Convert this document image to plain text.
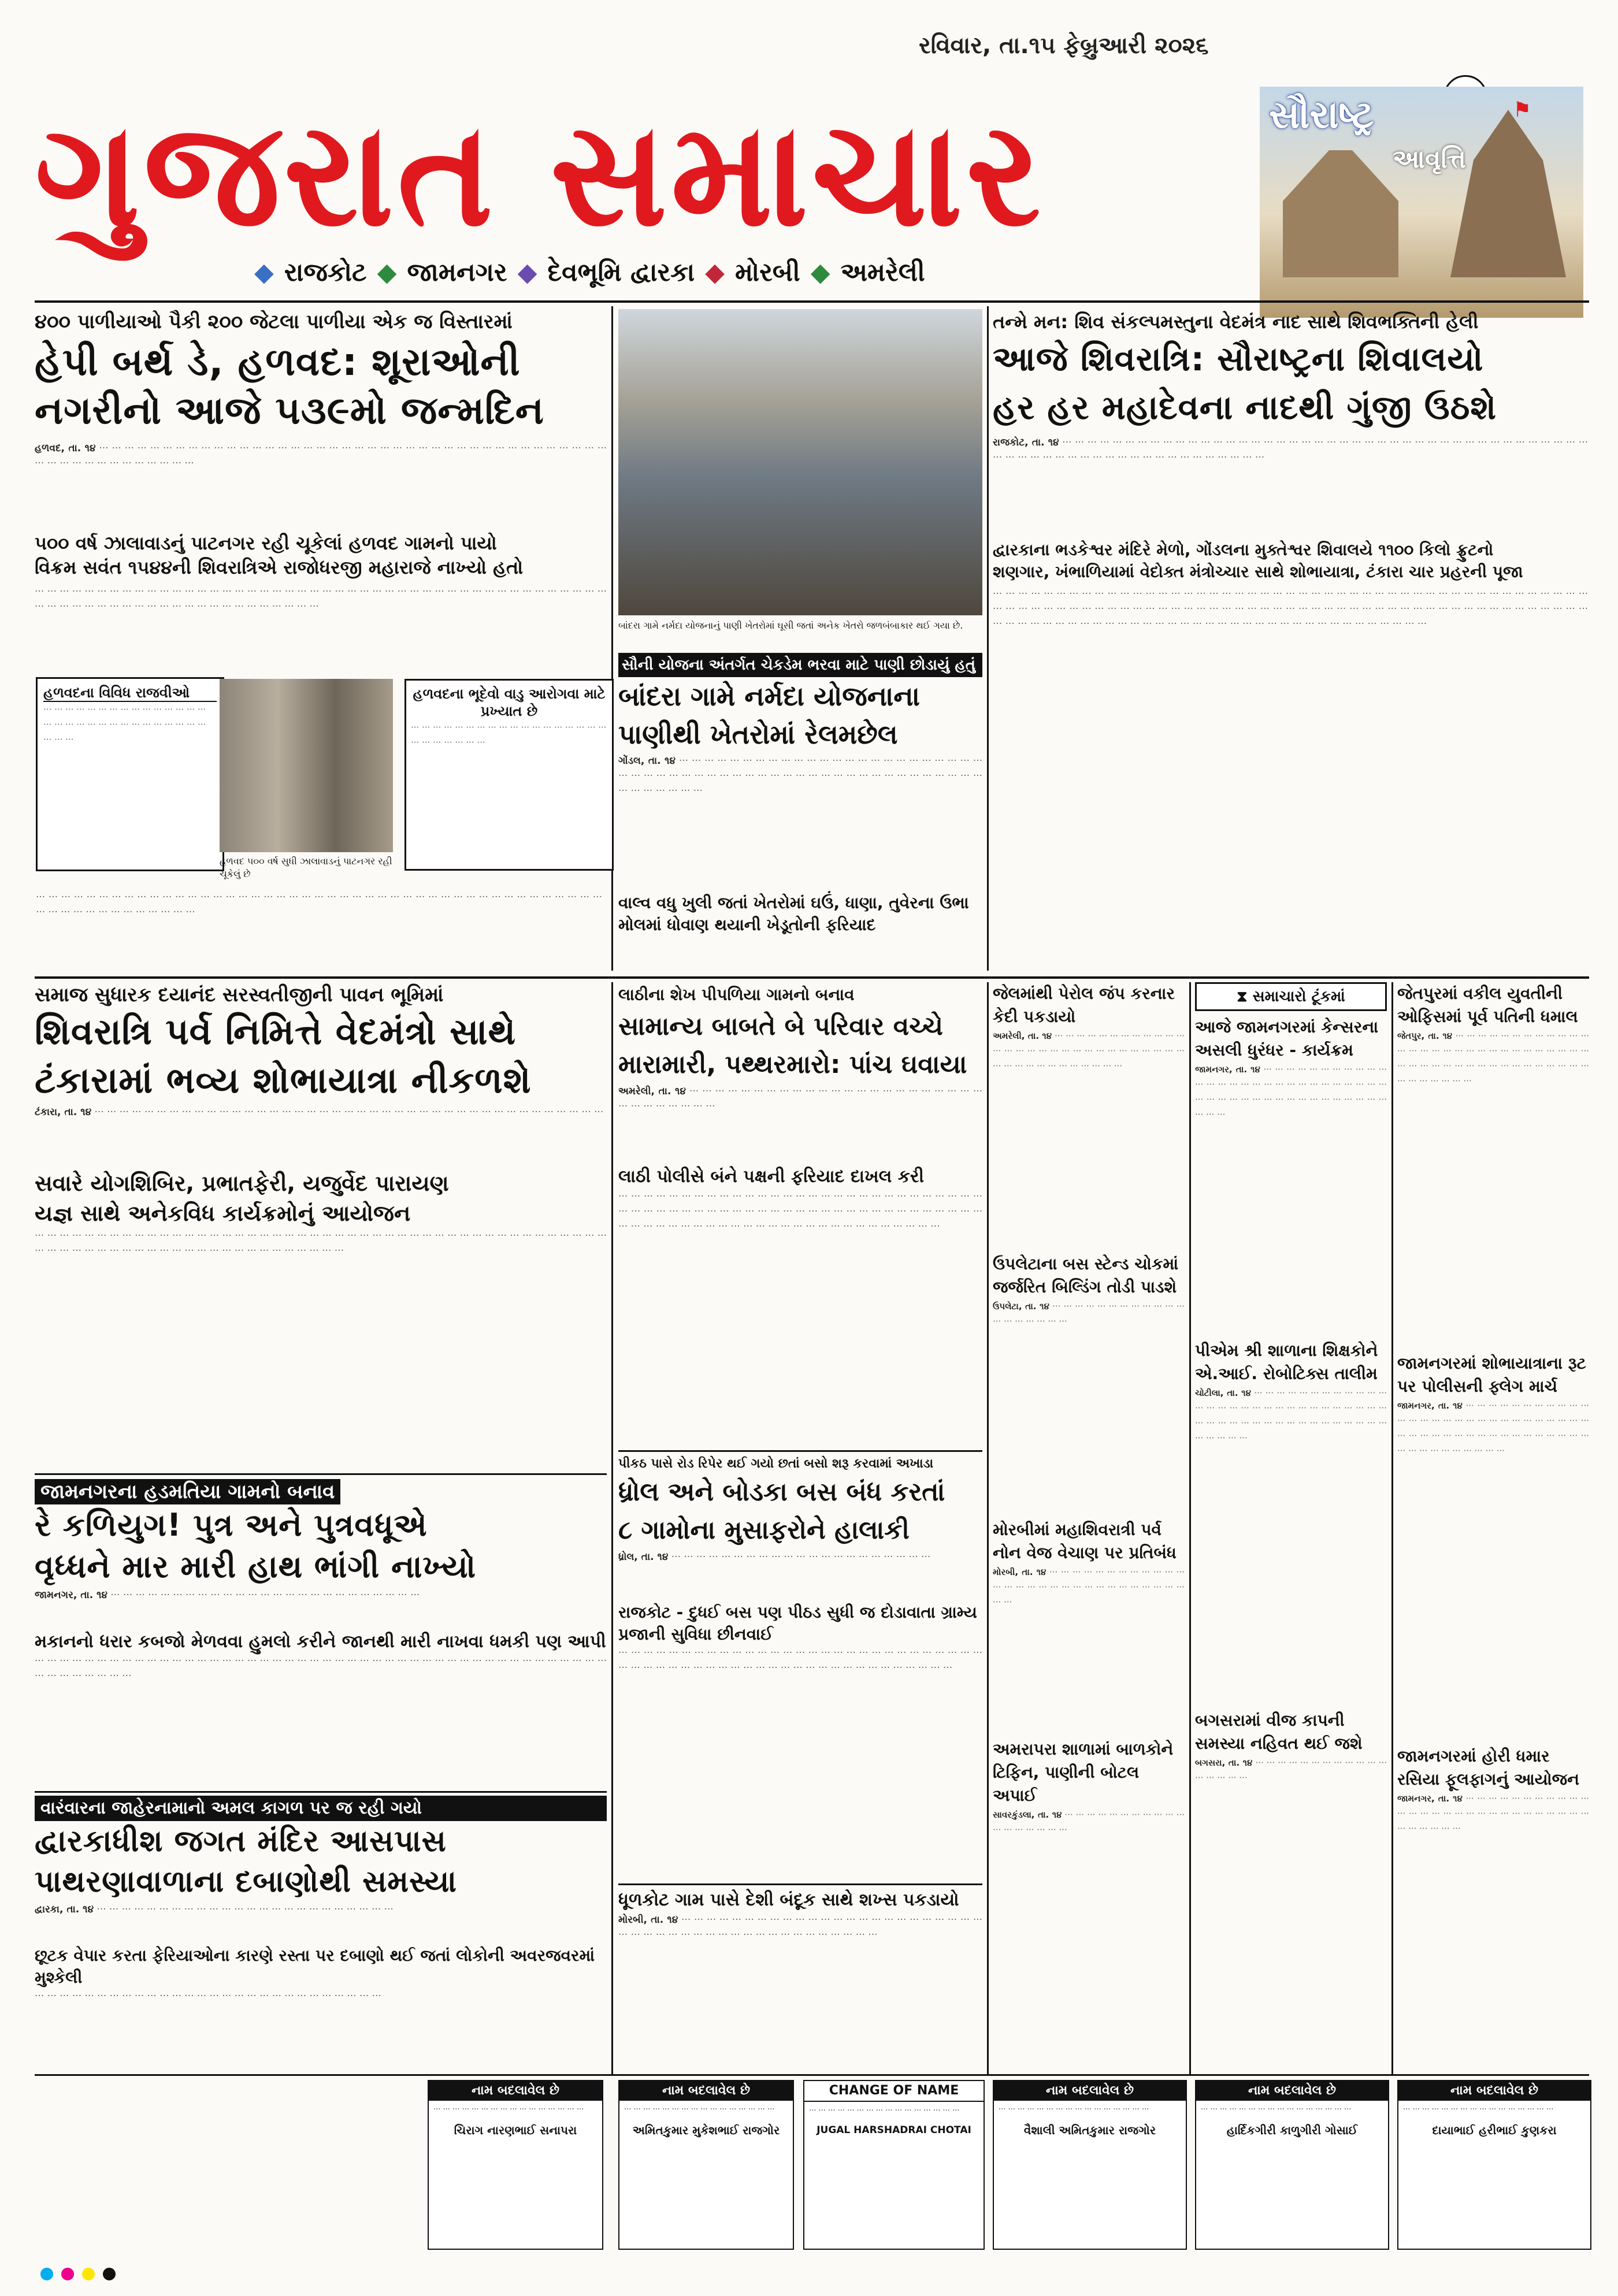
રવિવાર, તા.૧૫ ફેબ્રુઆરી ૨૦૨૬
ગુજરાત સમાચાર	⚑
સૌરાષ્ટ્ર
આવૃત્તિ
◆ રાજકોટ ◆ જામનગર ◆ દેવભૂમિ દ્વારકા ◆ મોરબી ◆ અમરેલી
૪૦૦ પાળીયાઓ પૈકી ૨૦૦ જેટલા પાળીયા એક જ વિસ્તારમાં
હેપી બર્થ ડે, હળવદ: શૂરાઓની
નગરીનો આજે ૫૩૯મો જન્મદિન
હળવદ, તા. ૧૪ ··· ··· ··· ··· ··· ··· ··· ··· ··· ··· ··· ··· ··· ··· ··· ··· ··· ··· ··· ··· ··· ··· ··· ··· ··· ··· ··· ··· ··· ··· ··· ··· ··· ··· ··· ··· ··· ··· ··· ··· ··· ··· ··· ··· ··· ··· ··· ··· ··· ··· ··· ··· ···
૫૦૦ વર્ષ ઝાલાવાડનું પાટનગર રહી ચૂકેલાં હળવદ ગામનો પાયો
વિક્રમ સવંત ૧૫૪૪ની શિવરાત્રિએ રાજોધરજી મહારાજે નાખ્યો હતો
··· ··· ··· ··· ··· ··· ··· ··· ··· ··· ··· ··· ··· ··· ··· ··· ··· ··· ··· ··· ··· ··· ··· ··· ··· ··· ··· ··· ··· ··· ··· ··· ··· ··· ··· ··· ··· ··· ··· ··· ··· ··· ··· ··· ··· ··· ··· ··· ··· ··· ··· ··· ··· ··· ··· ··· ··· ··· ··· ··· ··· ··· ··· ··· ··· ··· ··· ··· ···
હળવદના વિવિધ રાજવીઓ
··· ··· ··· ··· ··· ··· ··· ··· ··· ··· ··· ··· ··· ··· ··· ··· ··· ··· ··· ··· ··· ··· ··· ··· ··· ··· ··· ··· ··· ··· ··· ··· ···
હળવદ ૫૦૦ વર્ષ સુધી ઝાલાવાડનું પાટનગર રહી ચૂકેલું છે
હળવદના ભૂદેવો વાડુ આરોગવા માટે પ્રખ્યાત છે
··· ··· ··· ··· ··· ··· ··· ··· ··· ··· ··· ··· ··· ··· ··· ··· ··· ··· ··· ··· ··· ··· ··· ··· ···
··· ··· ··· ··· ··· ··· ··· ··· ··· ··· ··· ··· ··· ··· ··· ··· ··· ··· ··· ··· ··· ··· ··· ··· ··· ··· ··· ··· ··· ··· ··· ··· ··· ··· ··· ··· ··· ··· ··· ··· ··· ··· ··· ··· ··· ··· ··· ··· ··· ··· ··· ··· ··· ··· ··· ··· ··· ···
બાંદરા ગામે નર્મદા યોજનાનું પાણી ખેતરોમાં ઘૂસી જતાં અનેક ખેતરો જળબંબાકાર થઈ ગયા છે.
સૌની યોજના અંતર્ગત ચેકડેમ ભરવા માટે પાણી છોડાયું હતું
બાંદરા ગામે નર્મદા યોજનાના
પાણીથી ખેતરોમાં રેલમછેલ
ગોંડલ, તા. ૧૪ ··· ··· ··· ··· ··· ··· ··· ··· ··· ··· ··· ··· ··· ··· ··· ··· ··· ··· ··· ··· ··· ··· ··· ··· ··· ··· ··· ··· ··· ··· ··· ··· ··· ··· ··· ··· ··· ··· ··· ··· ··· ··· ··· ··· ··· ··· ··· ··· ··· ··· ··· ··· ··· ··· ··· ··· ··· ··· ··· ···
વાલ્વ વધુ ખુલી જતાં ખેતરોમાં ઘઉં, ધાણા, તુવેરના ઉભા મોલમાં ધોવાણ થયાની ખેડૂતોની ફરિયાદ
તન્મે મન: શિવ સંકલ્પમસ્તુના વેદમંત્ર નાદ સાથે શિવભક્તિની હેલી
આજે શિવરાત્રિ: સૌરાષ્ટ્રના શિવાલયો
હર હર મહાદેવના નાદથી ગુંજી ઉઠશે
રાજકોટ, તા. ૧૪ ··· ··· ··· ··· ··· ··· ··· ··· ··· ··· ··· ··· ··· ··· ··· ··· ··· ··· ··· ··· ··· ··· ··· ··· ··· ··· ··· ··· ··· ··· ··· ··· ··· ··· ··· ··· ··· ··· ··· ··· ··· ··· ··· ··· ··· ··· ··· ··· ··· ··· ··· ··· ··· ··· ··· ··· ··· ··· ··· ··· ··· ··· ··· ···
દ્વારકાના ભડકેશ્વર મંદિરે મેળો, ગોંડલના મુક્તેશ્વર શિવાલયે ૧૧૦૦ કિલો ફ્રુટનો
શણગાર, ખંભાળિયામાં વેદોક્ત મંત્રોચ્ચાર સાથે શોભાયાત્રા, ટંકારા ચાર પ્રહરની પૂજા
··· ··· ··· ··· ··· ··· ··· ··· ··· ··· ··· ··· ··· ··· ··· ··· ··· ··· ··· ··· ··· ··· ··· ··· ··· ··· ··· ··· ··· ··· ··· ··· ··· ··· ··· ··· ··· ··· ··· ··· ··· ··· ··· ··· ··· ··· ··· ··· ··· ··· ··· ··· ··· ··· ··· ··· ··· ··· ··· ··· ··· ··· ··· ··· ··· ··· ··· ··· ··· ··· ··· ··· ··· ··· ··· ··· ··· ··· ··· ··· ··· ··· ··· ··· ··· ··· ··· ··· ··· ··· ··· ··· ··· ··· ··· ··· ··· ··· ··· ··· ··· ··· ··· ··· ··· ··· ··· ··· ··· ··· ··· ··· ··· ··· ··· ··· ··· ··· ··· ··· ··· ··· ··· ··· ··· ··· ··· ··· ···
સમાજ સુધારક દયાનંદ સરસ્વતીજીની પાવન ભૂમિમાં
શિવરાત્રિ પર્વ નિમિત્તે વેદમંત્રો સાથે
ટંકારામાં ભવ્ય શોભાયાત્રા નીકળશે
ટંકારા, તા. ૧૪ ··· ··· ··· ··· ··· ··· ··· ··· ··· ··· ··· ··· ··· ··· ··· ··· ··· ··· ··· ··· ··· ··· ··· ··· ··· ··· ··· ··· ··· ··· ··· ··· ··· ··· ··· ··· ··· ··· ··· ··· ···
સવારે યોગશિબિર, પ્રભાતફેરી, યજુર્વેદ પારાયણ
યજ્ઞ સાથે અનેકવિધ કાર્યક્રમોનું આયોજન
··· ··· ··· ··· ··· ··· ··· ··· ··· ··· ··· ··· ··· ··· ··· ··· ··· ··· ··· ··· ··· ··· ··· ··· ··· ··· ··· ··· ··· ··· ··· ··· ··· ··· ··· ··· ··· ··· ··· ··· ··· ··· ··· ··· ··· ··· ··· ··· ··· ··· ··· ··· ··· ··· ··· ··· ··· ··· ··· ··· ··· ··· ··· ··· ··· ··· ··· ··· ··· ··· ···
જામનગરના હડમતિયા ગામનો બનાવ
રે કળિયુગ! પુત્ર અને પુત્રવધૂએ
વૃધ્ધને માર મારી હાથ ભાંગી નાખ્યો
જામનગર, તા. ૧૪ ··· ··· ··· ··· ··· ··· ··· ··· ··· ··· ··· ··· ··· ··· ··· ··· ··· ··· ··· ··· ··· ··· ··· ··· ···
મકાનનો ધરાર કબજો મેળવવા હુમલો કરીને જાનથી મારી નાખવા ધમકી પણ આપી
··· ··· ··· ··· ··· ··· ··· ··· ··· ··· ··· ··· ··· ··· ··· ··· ··· ··· ··· ··· ··· ··· ··· ··· ··· ··· ··· ··· ··· ··· ··· ··· ··· ··· ··· ··· ··· ··· ··· ··· ··· ··· ··· ··· ··· ··· ··· ··· ··· ··· ··· ··· ··· ···
વારંવારના જાહેરનામાનો અમલ કાગળ પર જ રહી ગયો
દ્વારકાધીશ જગત મંદિર આસપાસ
પાથરણાવાળાના દબાણોથી સમસ્યા
દ્વારકા, તા. ૧૪ ··· ··· ··· ··· ··· ··· ··· ··· ··· ··· ··· ··· ··· ··· ··· ··· ··· ··· ··· ··· ··· ··· ··· ···
છૂટક વેપાર કરતા ફેરિયાઓના કારણે રસ્તા પર દબાણો થઈ જતાં લોકોની અવરજવરમાં મુશ્કેલી
··· ··· ··· ··· ··· ··· ··· ··· ··· ··· ··· ··· ··· ··· ··· ··· ··· ··· ··· ··· ··· ··· ··· ··· ··· ··· ··· ···
લાઠીના શેખ પીપળિયા ગામનો બનાવ
સામાન્ય બાબતે બે પરિવાર વચ્ચે
મારામારી, પથ્થરમારો: પાંચ ઘવાયા
અમરેલી, તા. ૧૪ ··· ··· ··· ··· ··· ··· ··· ··· ··· ··· ··· ··· ··· ··· ··· ··· ··· ··· ··· ··· ··· ··· ··· ··· ··· ··· ··· ··· ··· ··· ···
લાઠી પોલીસે બંને પક્ષની ફરિયાદ દાખલ કરી
··· ··· ··· ··· ··· ··· ··· ··· ··· ··· ··· ··· ··· ··· ··· ··· ··· ··· ··· ··· ··· ··· ··· ··· ··· ··· ··· ··· ··· ··· ··· ··· ··· ··· ··· ··· ··· ··· ··· ··· ··· ··· ··· ··· ··· ··· ··· ··· ··· ··· ··· ··· ··· ··· ··· ··· ··· ··· ··· ··· ··· ··· ··· ··· ··· ··· ··· ··· ··· ··· ··· ··· ··· ··· ··· ··· ··· ··· ··· ··· ··· ··· ··· ···
પીકઠ પાસે રોડ રિપેર થઈ ગયો છતાં બસો શરૂ કરવામાં અખાડા
ધ્રોલ અને બોડકા બસ બંધ કરતાં
૮ ગામોના મુસાફરોને હાલાકી
ધ્રોલ, તા. ૧૪ ··· ··· ··· ··· ··· ··· ··· ··· ··· ··· ··· ··· ··· ··· ··· ··· ··· ··· ··· ··· ···
રાજકોટ - દુધઈ બસ પણ પીઠડ સુધી જ દોડાવાતા ગ્રામ્ય પ્રજાની સુવિધા છીનવાઈ
··· ··· ··· ··· ··· ··· ··· ··· ··· ··· ··· ··· ··· ··· ··· ··· ··· ··· ··· ··· ··· ··· ··· ··· ··· ··· ··· ··· ··· ··· ··· ··· ··· ··· ··· ··· ··· ··· ··· ··· ··· ··· ··· ··· ··· ··· ··· ··· ··· ··· ··· ··· ··· ··· ··· ···
ધૂળકોટ ગામ પાસે દેશી બંદૂક સાથે શખ્સ પકડાયો
મોરબી, તા. ૧૪ ··· ··· ··· ··· ··· ··· ··· ··· ··· ··· ··· ··· ··· ··· ··· ··· ··· ··· ··· ··· ··· ··· ··· ··· ··· ··· ··· ··· ··· ··· ··· ··· ··· ··· ··· ··· ··· ··· ··· ··· ··· ··· ··· ··· ···
જેલમાંથી પેરોલ જંપ કરનાર કેદી પકડાયો
અમરેલી, તા. ૧૪ ··· ··· ··· ··· ··· ··· ··· ··· ··· ··· ··· ··· ··· ··· ··· ··· ··· ··· ··· ··· ··· ··· ··· ··· ··· ··· ··· ··· ··· ··· ··· ··· ··· ··· ··· ··· ··· ··· ··· ··· ···
ઉપલેટાના બસ સ્ટેન્ડ ચોકમાં જર્જરિત બિલ્ડિંગ તોડી પાડશે
ઉપલેટા, તા. ૧૪ ··· ··· ··· ··· ··· ··· ··· ··· ··· ··· ··· ··· ··· ··· ··· ··· ··· ··· ···
મોરબીમાં મહાશિવરાત્રી પર્વ નોન વેજ વેચાણ પર પ્રતિબંધ
મોરબી, તા. ૧૪ ··· ··· ··· ··· ··· ··· ··· ··· ··· ··· ··· ··· ··· ··· ··· ··· ··· ··· ··· ··· ··· ··· ··· ··· ··· ··· ··· ··· ··· ··· ···
અમરાપરા શાળામાં બાળકોને ટિફિન, પાણીની બોટલ અપાઈ
સાવરકુંડલા, તા. ૧૪ ··· ··· ··· ··· ··· ··· ··· ··· ··· ··· ··· ··· ··· ··· ··· ··· ··· ···
⧗ સમાચારો ટૂંકમાં
આજે જામનગરમાં કેન્સરના અસલી ધુરંધર - કાર્યક્રમ
જામનગર, તા. ૧૪ ··· ··· ··· ··· ··· ··· ··· ··· ··· ··· ··· ··· ··· ··· ··· ··· ··· ··· ··· ··· ··· ··· ··· ··· ··· ··· ··· ··· ··· ··· ··· ··· ··· ··· ··· ··· ··· ··· ··· ··· ··· ··· ··· ··· ··· ··· ··· ···
પીએમ શ્રી શાળાના શિક્ષકોને એ.આઈ. રોબોટિક્સ તાલીમ
ચોટીલા, તા. ૧૪ ··· ··· ··· ··· ··· ··· ··· ··· ··· ··· ··· ··· ··· ··· ··· ··· ··· ··· ··· ··· ··· ··· ··· ··· ··· ··· ··· ··· ··· ··· ··· ··· ··· ··· ··· ··· ··· ··· ··· ··· ··· ··· ··· ··· ··· ··· ··· ··· ··· ··· ···
બગસરામાં વીજ કાપની સમસ્યા નહિવત થઈ જશે
બગસરા, તા. ૧૪ ··· ··· ··· ··· ··· ··· ··· ··· ··· ··· ··· ··· ··· ··· ··· ··· ···
જેતપુરમાં વકીલ યુવતીની ઓફિસમાં પૂર્વ પતિની ધમાલ
જેતપુર, તા. ૧૪ ··· ··· ··· ··· ··· ··· ··· ··· ··· ··· ··· ··· ··· ··· ··· ··· ··· ··· ··· ··· ··· ··· ··· ··· ··· ··· ··· ··· ··· ··· ··· ··· ··· ··· ··· ··· ··· ··· ··· ··· ··· ··· ··· ··· ··· ··· ··· ··· ··· ··· ··· ··· ···
જામનગરમાં શોભાયાત્રાના રૂટ પર પોલીસની ફ્લેગ માર્ચ
જામનગર, તા. ૧૪ ··· ··· ··· ··· ··· ··· ··· ··· ··· ··· ··· ··· ··· ··· ··· ··· ··· ··· ··· ··· ··· ··· ··· ··· ··· ··· ··· ··· ··· ··· ··· ··· ··· ··· ··· ··· ··· ··· ··· ··· ··· ··· ··· ··· ··· ··· ··· ··· ··· ··· ··· ··· ··· ··· ···
જામનગરમાં હોરી ધમાર રસિયા ફૂલફાગનું આયોજન
જામનગર, તા. ૧૪ ··· ··· ··· ··· ··· ··· ··· ··· ··· ··· ··· ··· ··· ··· ··· ··· ··· ··· ··· ··· ··· ··· ··· ··· ··· ··· ··· ··· ··· ··· ··· ··· ··· ···
નામ બદલાવેલ છે
··· ··· ··· ··· ··· ··· ··· ··· ··· ··· ··· ··· ··· ··· ··· ···
ચિરાગ નારણભાઈ સનાપરા
નામ બદલાવેલ છે
··· ··· ··· ··· ··· ··· ··· ··· ··· ··· ··· ··· ··· ··· ··· ···
અમિતકુમાર મુકેશભાઈ રાજગોર
CHANGE OF NAME
··· ··· ··· ··· ··· ··· ··· ··· ··· ··· ··· ··· ··· ··· ··· ···
JUGAL HARSHADRAI CHOTAI
નામ બદલાવેલ છે
··· ··· ··· ··· ··· ··· ··· ··· ··· ··· ··· ··· ··· ··· ··· ···
વૈશાલી અમિતકુમાર રાજગોર
નામ બદલાવેલ છે
··· ··· ··· ··· ··· ··· ··· ··· ··· ··· ··· ··· ··· ··· ··· ···
હાર્દિકગીરી કાળુગીરી ગોસાઈ
નામ બદલાવેલ છે
··· ··· ··· ··· ··· ··· ··· ··· ··· ··· ··· ··· ··· ··· ··· ···
દાયાભાઈ હરીભાઈ કુણકરા
